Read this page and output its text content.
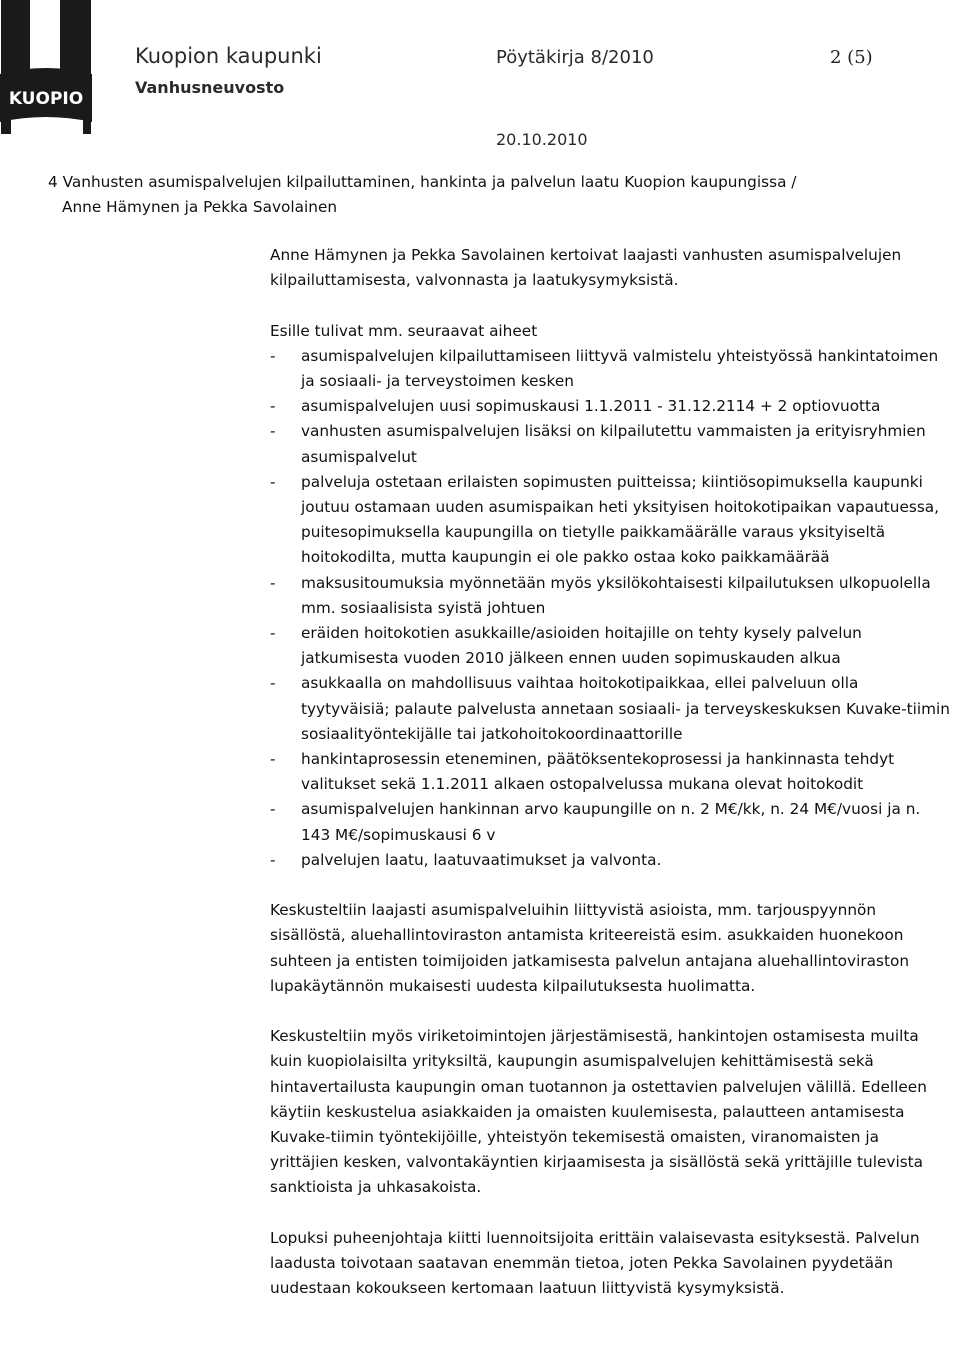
KUOPIO
Kuopion kaupunki	Pöytäkirja 8/2010	2 (5)
Vanhusneuvosto
20.10.2010
4 Vanhusten asumispalvelujen kilpailuttaminen, hankinta ja palvelun laatu Kuopion kaupungissa /
Anne Hämynen ja Pekka Savolainen

Anne Hämynen ja Pekka Savolainen kertoivat laajasti vanhusten asumispalvelujen kilpailuttamisesta, valvonnasta ja laatukysymyksistä.

Esille tulivat mm. seuraavat aiheet

- asumispalvelujen kilpailuttamiseen liittyvä valmistelu yhteistyössä hankintatoimen ja sosiaali- ja terveystoimen kesken
- asumispalvelujen uusi sopimuskausi 1.1.2011 - 31.12.2114 + 2 optiovuotta
- vanhusten asumispalvelujen lisäksi on kilpailutettu vammaisten ja erityisryhmien asumispalvelut
- palveluja ostetaan erilaisten sopimusten puitteissa; kiintiösopimuksella kaupunki joutuu ostamaan uuden asumispaikan heti yksityisen hoitokotipaikan vapautuessa, puitesopimuksella kaupungilla on tietylle paikkamäärälle varaus yksityiseltä hoitokodilta, mutta kaupungin ei ole pakko ostaa koko paikkamäärää
- maksusitoumuksia myönnetään myös yksilökohtaisesti kilpailutuksen ulkopuolella mm. sosiaalisista syistä johtuen
- eräiden hoitokotien asukkaille/asioiden hoitajille on tehty kysely palvelun jatkumisesta vuoden 2010 jälkeen ennen uuden sopimuskauden alkua
- asukkaalla on mahdollisuus vaihtaa hoitokotipaikkaa, ellei palveluun olla tyytyväisiä; palaute palvelusta annetaan sosiaali- ja terveyskeskuksen Kuvake-tiimin sosiaalityöntekijälle tai jatkohoitokoordinaattorille
- hankintaprosessin eteneminen, päätöksentekoprosessi ja hankinnasta tehdyt valitukset sekä 1.1.2011 alkaen ostopalvelussa mukana olevat hoitokodit
- asumispalvelujen hankinnan arvo kaupungille on n. 2 M€/kk, n. 24 M€/vuosi ja n. 143 M€/sopimuskausi 6 v
- palvelujen laatu, laatuvaatimukset ja valvonta.

Keskusteltiin laajasti asumispalveluihin liittyvistä asioista, mm. tarjouspyynnön sisällöstä, aluehallintoviraston antamista kriteereistä esim. asukkaiden huonekoon suhteen ja entisten toimijoiden jatkamisesta palvelun antajana aluehallintoviraston lupakäytännön mukaisesti uudesta kilpailutuksesta huolimatta.

Keskusteltiin myös viriketoimintojen järjestämisestä, hankintojen ostamisesta muilta kuin kuopiolaisilta yrityksiltä, kaupungin asumispalvelujen kehittämisestä sekä hintavertailusta kaupungin oman tuotannon ja ostettavien palvelujen välillä. Edelleen käytiin keskustelua asiakkaiden ja omaisten kuulemisesta, palautteen antamisesta Kuvake-tiimin työntekijöille, yhteistyön tekemisestä omaisten, viranomaisten ja yrittäjien kesken, valvontakäyntien kirjaamisesta ja sisällöstä sekä yrittäjille tulevista sanktioista ja uhkasakoista.

Lopuksi puheenjohtaja kiitti luennoitsijoita erittäin valaisevasta esityksestä. Palvelun laadusta toivotaan saatavan enemmän tietoa, joten Pekka Savolainen pyydetään uudestaan kokoukseen kertomaan laatuun liittyvistä kysymyksistä.
